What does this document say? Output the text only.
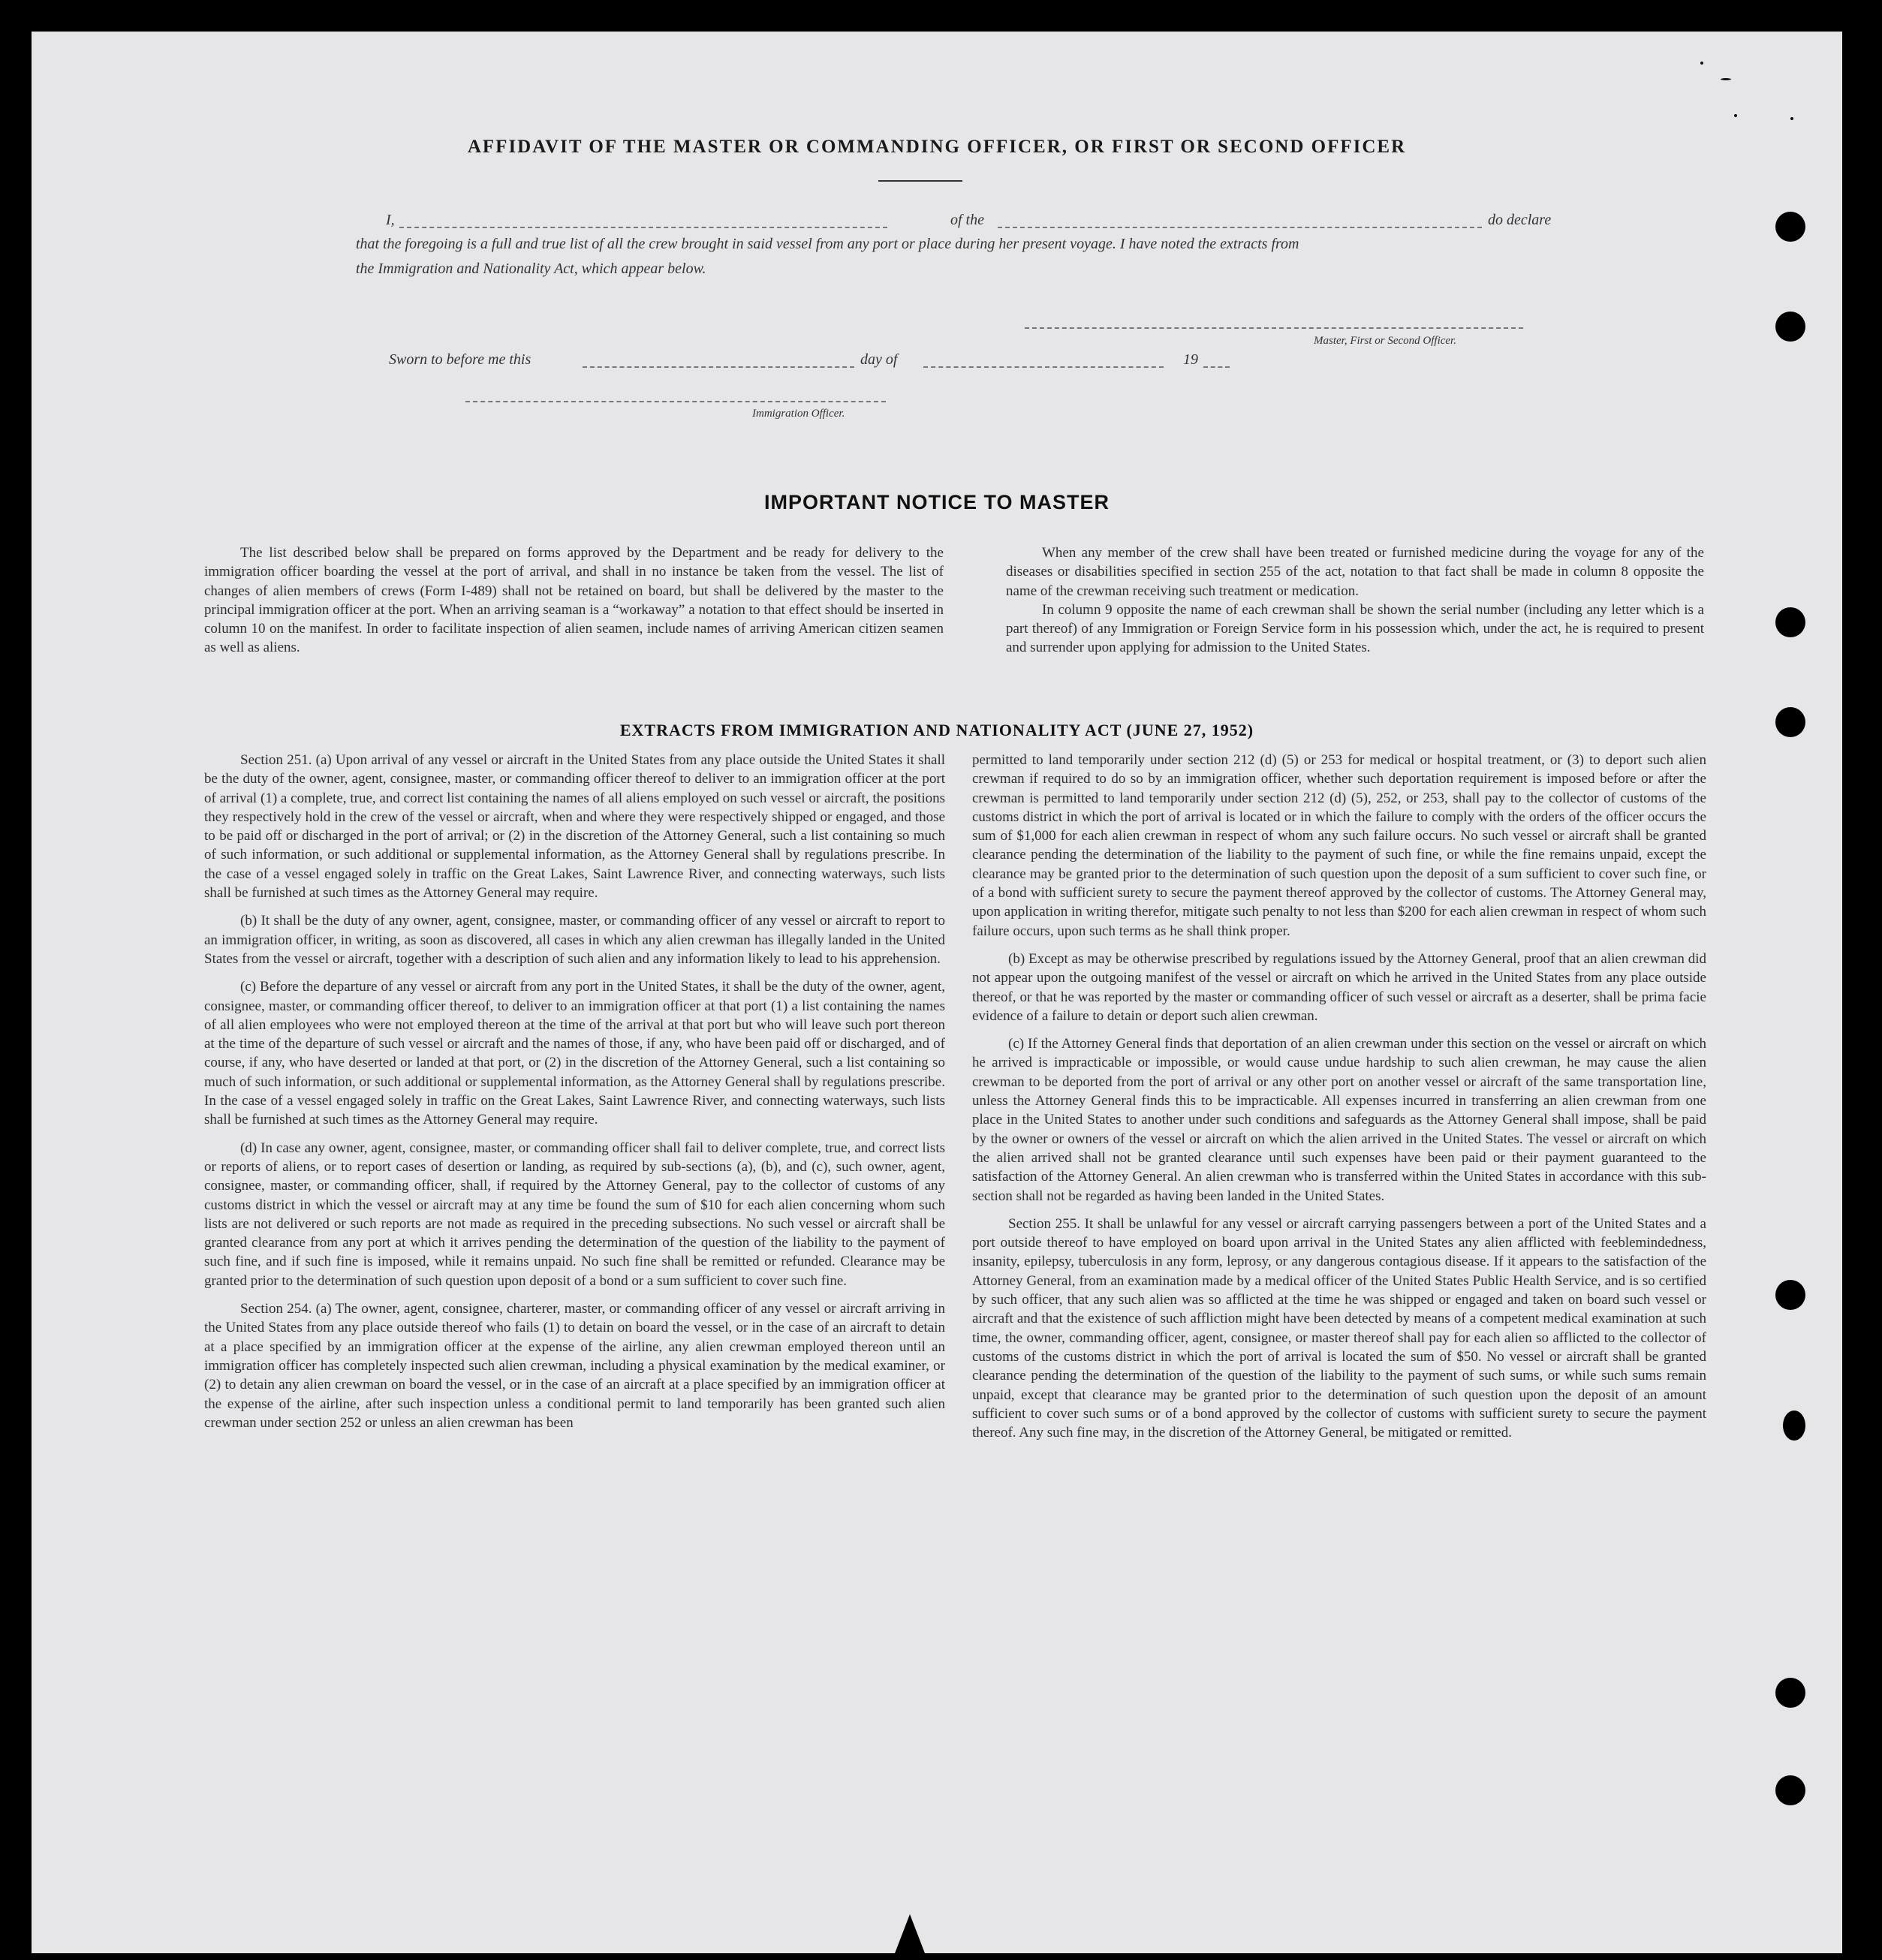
AFFIDAVIT OF THE MASTER OR COMMANDING OFFICER, OR FIRST OR SECOND OFFICER
I,	of the	do declare
that the foregoing is a full and true list of all the crew brought in said vessel from any port or place during her present voyage. I have noted the extracts from
the Immigration and Nationality Act, which appear below.
Master, First or Second Officer.
Sworn to before me this	day of	19
Immigration Officer.
IMPORTANT NOTICE TO MASTER

The list described below shall be prepared on forms approved by the Department and be ready for delivery to the immigration officer boarding the vessel at the port of arrival, and shall in no instance be taken from the vessel. The list of changes of alien members of crews (Form I-489) shall not be retained on board, but shall be delivered by the master to the principal immigration officer at the port. When an arriving seaman is a “workaway” a notation to that effect should be inserted in column 10 on the manifest. In order to facilitate inspection of alien seamen, include names of arriving American citizen seamen as well as aliens.

When any member of the crew shall have been treated or furnished medicine during the voyage for any of the diseases or disabilities specified in section 255 of the act, notation to that fact shall be made in column 8 opposite the name of the crewman receiving such treatment or medication.

In column 9 opposite the name of each crewman shall be shown the serial number (including any letter which is a part thereof) of any Immigration or Foreign Service form in his possession which, under the act, he is required to present and surrender upon applying for admission to the United States.

EXTRACTS FROM IMMIGRATION AND NATIONALITY ACT (JUNE 27, 1952)

Section 251. (a) Upon arrival of any vessel or aircraft in the United States from any place outside the United States it shall be the duty of the owner, agent, consignee, master, or commanding officer thereof to deliver to an immigration officer at the port of arrival (1) a complete, true, and correct list containing the names of all aliens employed on such vessel or aircraft, the positions they respectively hold in the crew of the vessel or aircraft, when and where they were respectively shipped or engaged, and those to be paid off or discharged in the port of arrival; or (2) in the discretion of the Attorney General, such a list containing so much of such information, or such additional or supplemental information, as the Attorney General shall by regulations prescribe. In the case of a vessel engaged solely in traffic on the Great Lakes, Saint Lawrence River, and connecting waterways, such lists shall be furnished at such times as the Attorney General may require.

(b) It shall be the duty of any owner, agent, consignee, master, or commanding officer of any vessel or aircraft to report to an immigration officer, in writing, as soon as discovered, all cases in which any alien crewman has illegally landed in the United States from the vessel or aircraft, together with a description of such alien and any information likely to lead to his apprehension.

(c) Before the departure of any vessel or aircraft from any port in the United States, it shall be the duty of the owner, agent, consignee, master, or commanding officer thereof, to deliver to an immigration officer at that port (1) a list containing the names of all alien employees who were not employed thereon at the time of the arrival at that port but who will leave such port thereon at the time of the departure of such vessel or aircraft and the names of those, if any, who have been paid off or discharged, and of course, if any, who have deserted or landed at that port, or (2) in the discretion of the Attorney General, such a list containing so much of such information, or such additional or supplemental information, as the Attorney General shall by regulations prescribe. In the case of a vessel engaged solely in traffic on the Great Lakes, Saint Lawrence River, and connecting waterways, such lists shall be furnished at such times as the Attorney General may require.

(d) In case any owner, agent, consignee, master, or commanding officer shall fail to deliver complete, true, and correct lists or reports of aliens, or to report cases of desertion or landing, as required by sub-sections (a), (b), and (c), such owner, agent, consignee, master, or commanding officer, shall, if required by the Attorney General, pay to the collector of customs of any customs district in which the vessel or aircraft may at any time be found the sum of $10 for each alien concerning whom such lists are not delivered or such reports are not made as required in the preceding subsections. No such vessel or aircraft shall be granted clearance from any port at which it arrives pending the determination of the question of the liability to the payment of such fine, and if such fine is imposed, while it remains unpaid. No such fine shall be remitted or refunded. Clearance may be granted prior to the determination of such question upon deposit of a bond or a sum sufficient to cover such fine.

Section 254. (a) The owner, agent, consignee, charterer, master, or commanding officer of any vessel or aircraft arriving in the United States from any place outside thereof who fails (1) to detain on board the vessel, or in the case of an aircraft to detain at a place specified by an immigration officer at the expense of the airline, any alien crewman employed thereon until an immigration officer has completely inspected such alien crewman, including a physical examination by the medical examiner, or (2) to detain any alien crewman on board the vessel, or in the case of an aircraft at a place specified by an immigration officer at the expense of the airline, after such inspection unless a conditional permit to land temporarily has been granted such alien crewman under section 252 or unless an alien crewman has been

permitted to land temporarily under section 212 (d) (5) or 253 for medical or hospital treatment, or (3) to deport such alien crewman if required to do so by an immigration officer, whether such deportation requirement is imposed before or after the crewman is permitted to land temporarily under section 212 (d) (5), 252, or 253, shall pay to the collector of customs of the customs district in which the port of arrival is located or in which the failure to comply with the orders of the officer occurs the sum of $1,000 for each alien crewman in respect of whom any such failure occurs. No such vessel or aircraft shall be granted clearance pending the determination of the liability to the payment of such fine, or while the fine remains unpaid, except the clearance may be granted prior to the determination of such question upon the deposit of a sum sufficient to cover such fine, or of a bond with sufficient surety to secure the payment thereof approved by the collector of customs. The Attorney General may, upon application in writing therefor, mitigate such penalty to not less than $200 for each alien crewman in respect of whom such failure occurs, upon such terms as he shall think proper.

(b) Except as may be otherwise prescribed by regulations issued by the Attorney General, proof that an alien crewman did not appear upon the outgoing manifest of the vessel or aircraft on which he arrived in the United States from any place outside thereof, or that he was reported by the master or commanding officer of such vessel or aircraft as a deserter, shall be prima facie evidence of a failure to detain or deport such alien crewman.

(c) If the Attorney General finds that deportation of an alien crewman under this section on the vessel or aircraft on which he arrived is impracticable or impossible, or would cause undue hardship to such alien crewman, he may cause the alien crewman to be deported from the port of arrival or any other port on another vessel or aircraft of the same transportation line, unless the Attorney General finds this to be impracticable. All expenses incurred in transferring an alien crewman from one place in the United States to another under such conditions and safeguards as the Attorney General shall impose, shall be paid by the owner or owners of the vessel or aircraft on which the alien arrived in the United States. The vessel or aircraft on which the alien arrived shall not be granted clearance until such expenses have been paid or their payment guaranteed to the satisfaction of the Attorney General. An alien crewman who is transferred within the United States in accordance with this sub-section shall not be regarded as having been landed in the United States.

Section 255. It shall be unlawful for any vessel or aircraft carrying passengers between a port of the United States and a port outside thereof to have employed on board upon arrival in the United States any alien afflicted with feeblemindedness, insanity, epilepsy, tuberculosis in any form, leprosy, or any dangerous contagious disease. If it appears to the satisfaction of the Attorney General, from an examination made by a medical officer of the United States Public Health Service, and is so certified by such officer, that any such alien was so afflicted at the time he was shipped or engaged and taken on board such vessel or aircraft and that the existence of such affliction might have been detected by means of a competent medical examination at such time, the owner, commanding officer, agent, consignee, or master thereof shall pay for each alien so afflicted to the collector of customs of the customs district in which the port of arrival is located the sum of $50. No vessel or aircraft shall be granted clearance pending the determination of the question of the liability to the payment of such sums, or while such sums remain unpaid, except that clearance may be granted prior to the determination of such question upon the deposit of an amount sufficient to cover such sums or of a bond approved by the collector of customs with sufficient surety to secure the payment thereof. Any such fine may, in the discretion of the Attorney General, be mitigated or remitted.
